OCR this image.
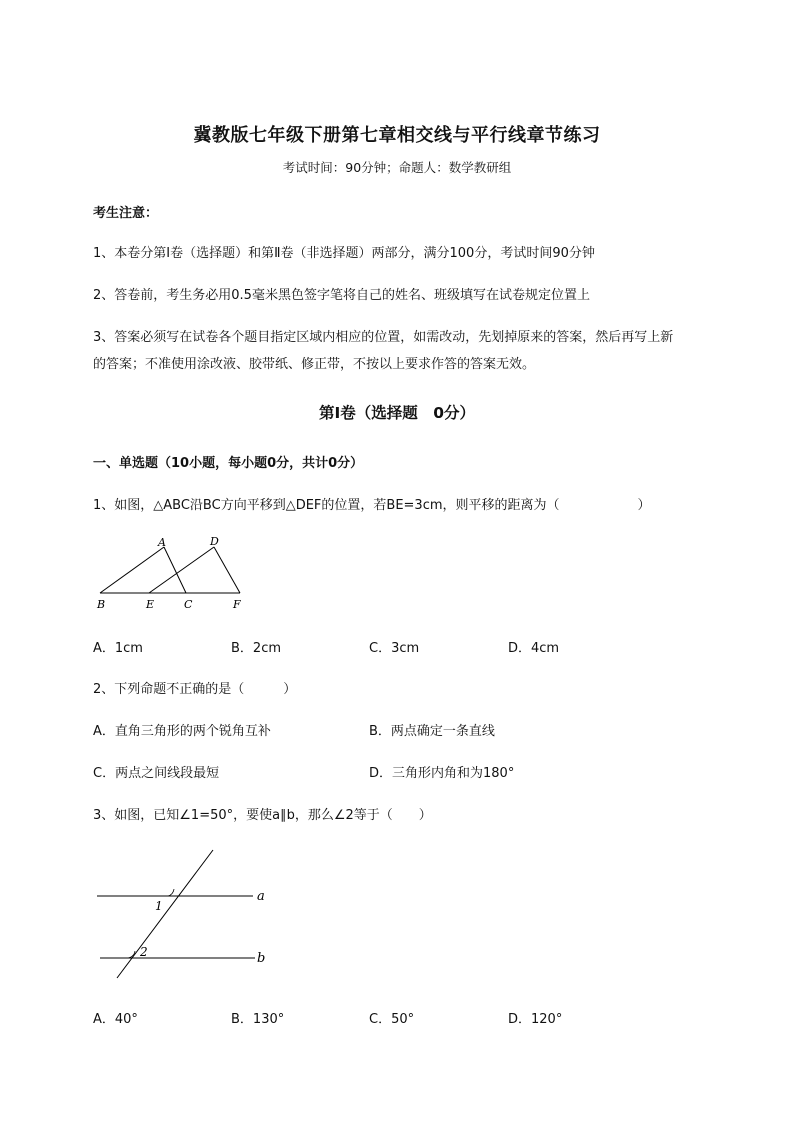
冀教版七年级下册第七章相交线与平行线章节练习
考试时间：90分钟；命题人：数学教研组
考生注意：
1、本卷分第I卷（选择题）和第Ⅱ卷（非选择题）两部分，满分100分，考试时间90分钟
2、答卷前，考生务必用0.5毫米黑色签字笔将自己的姓名、班级填写在试卷规定位置上
3、答案必须写在试卷各个题目指定区域内相应的位置，如需改动，先划掉原来的答案，然后再写上新
的答案；不准使用涂改液、胶带纸、修正带，不按以上要求作答的答案无效。
第I卷（选择题　0分）
一、单选题（10小题，每小题0分，共计0分）
1、如图，△ABC沿BC方向平移到△DEF的位置，若BE=3cm，则平移的距离为（　　　　　　）
A	D
B	E	C	F
A．1cm	B．2cm	C．3cm	D．4cm
2、下列命题不正确的是（　　　）
A．直角三角形的两个锐角互补	B．两点确定一条直线
C．两点之间线段最短	D．三角形内角和为180°
3、如图，已知∠1=50°，要使a∥b，那么∠2等于（　　）
a
b
1
2
A．40°	B．130°	C．50°	D．120°
